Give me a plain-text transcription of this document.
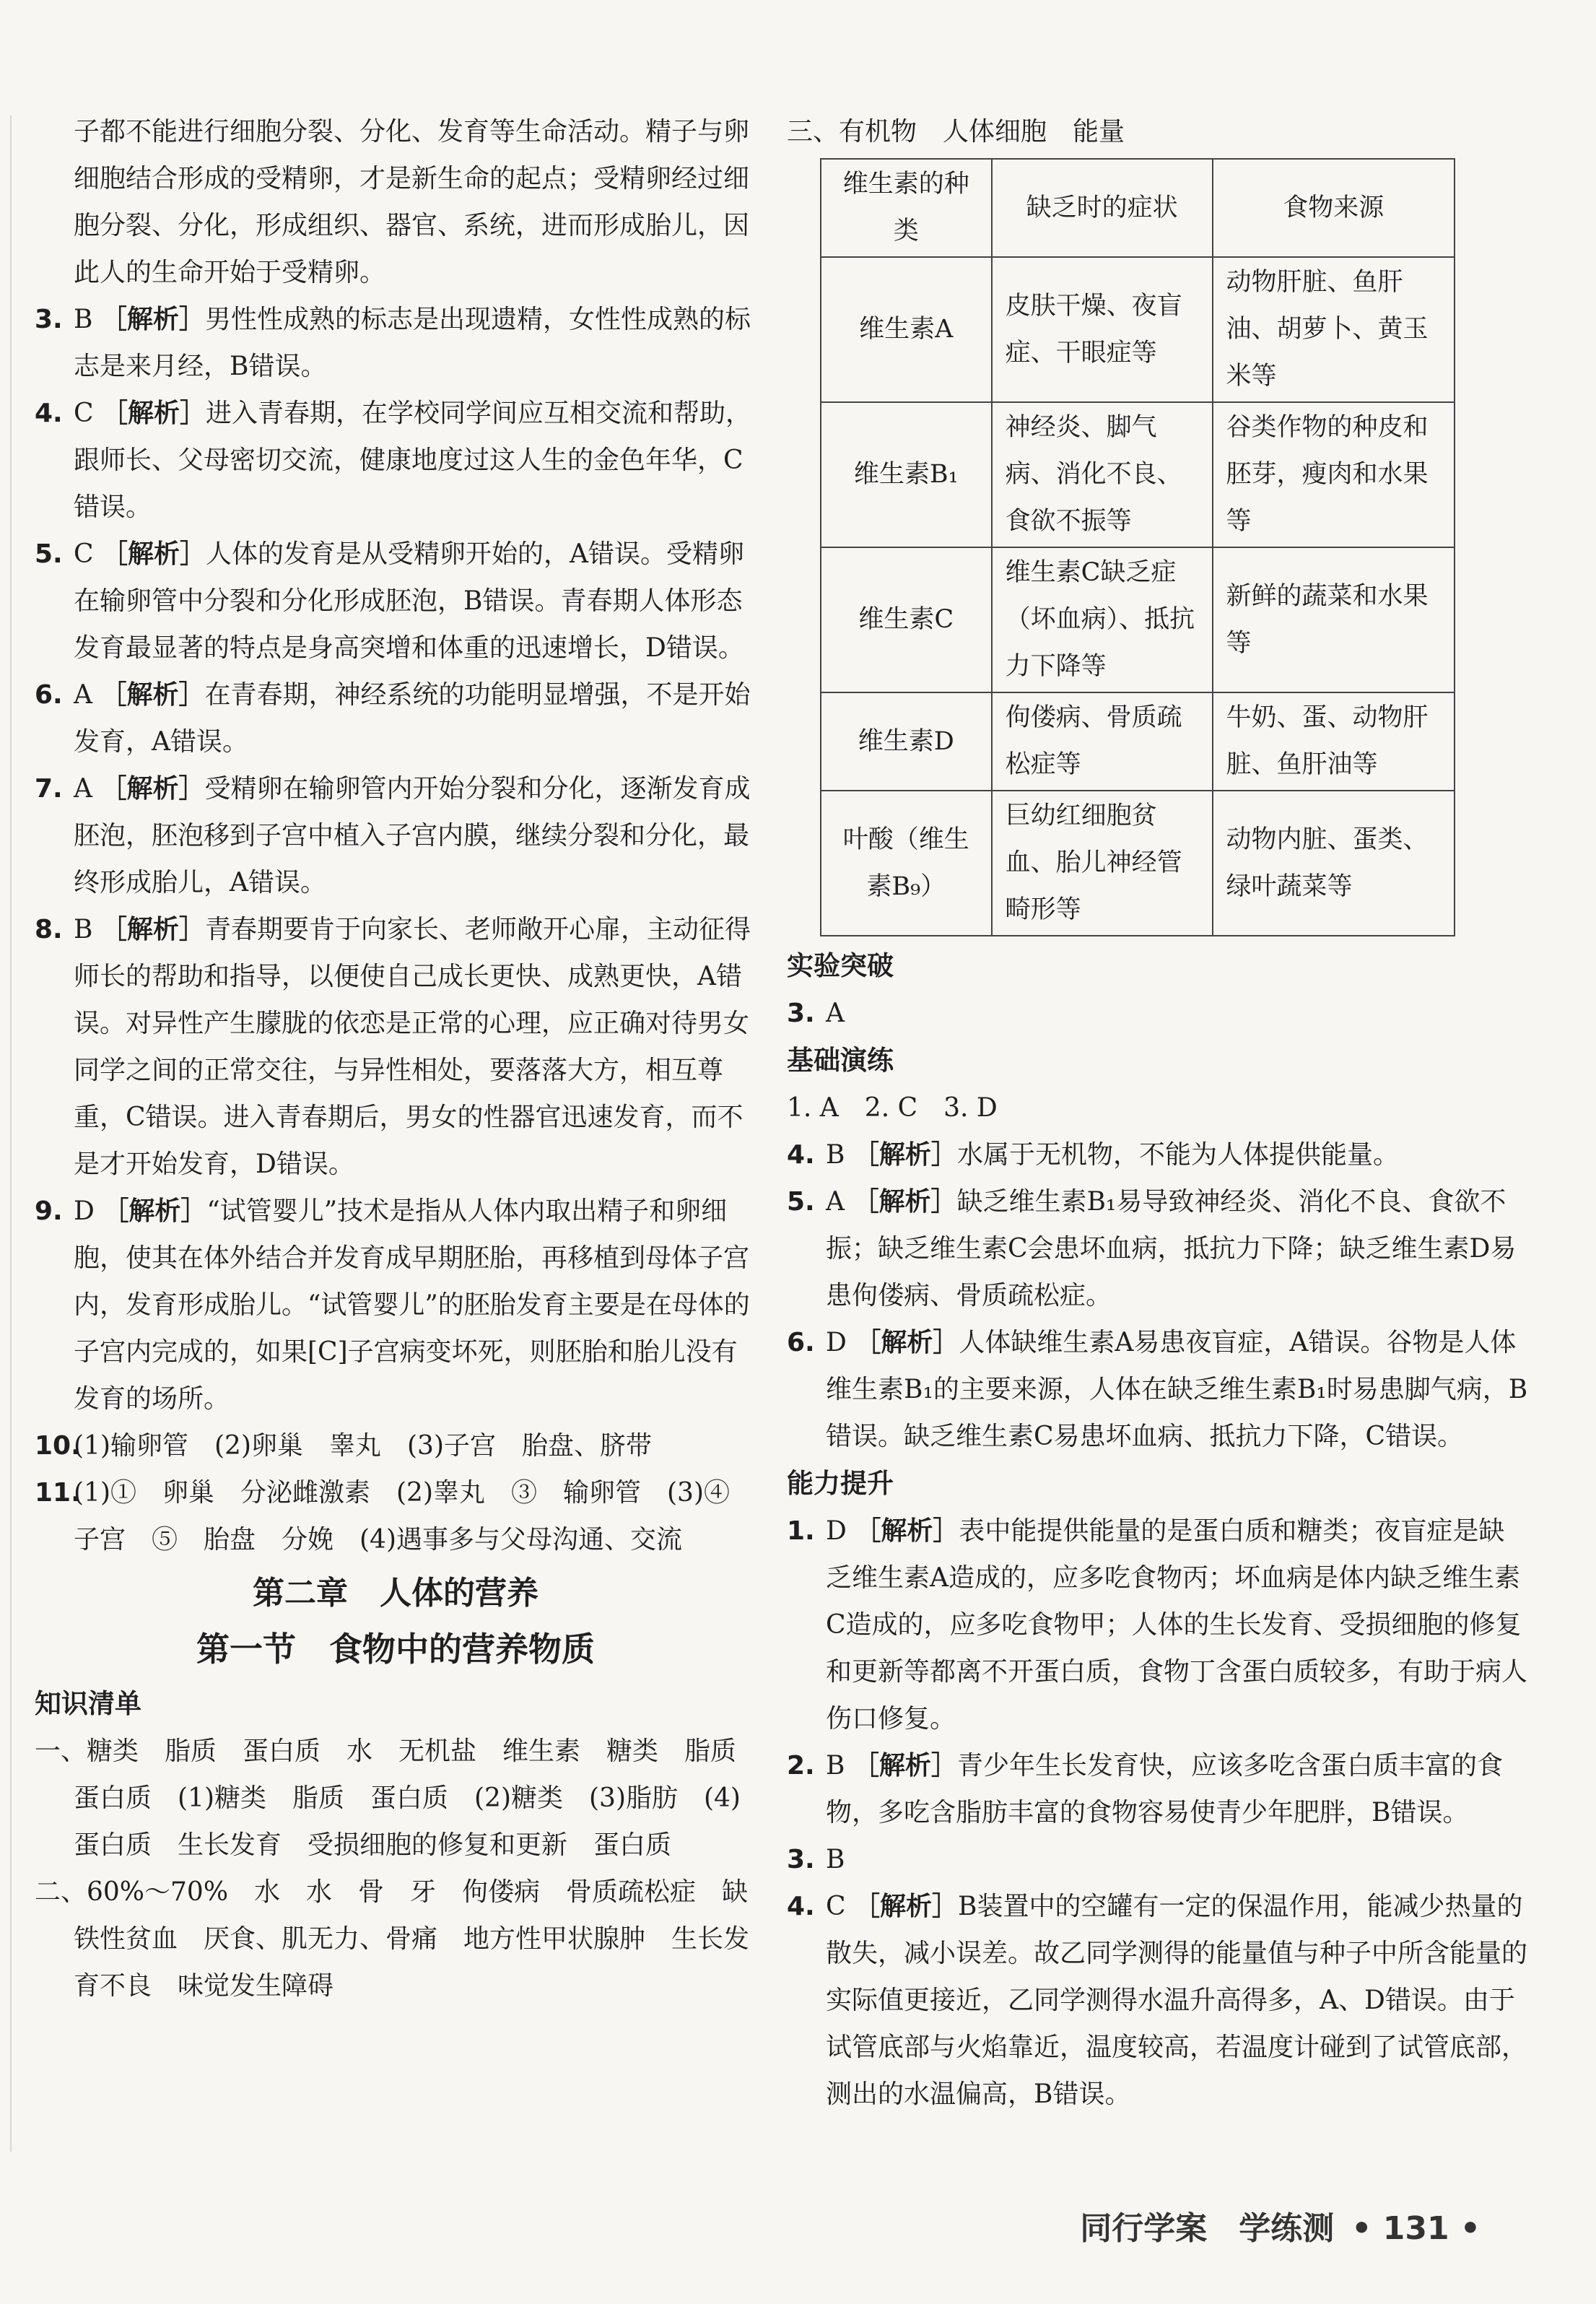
子都不能进行细胞分裂、分化、发育等生命活动。精子与卵细胞结合形成的受精卵，才是新生命的起点；受精卵经过细胞分裂、分化，形成组织、器官、系统，进而形成胎儿，因此人的生命开始于受精卵。

3. B ［解析］男性性成熟的标志是出现遗精，女性性成熟的标志是来月经，B错误。

4. C ［解析］进入青春期，在学校同学间应互相交流和帮助，跟师长、父母密切交流，健康地度过这人生的金色年华，C错误。

5. C ［解析］人体的发育是从受精卵开始的，A错误。受精卵在输卵管中分裂和分化形成胚泡，B错误。青春期人体形态发育最显著的特点是身高突增和体重的迅速增长，D错误。

6. A ［解析］在青春期，神经系统的功能明显增强，不是开始发育，A错误。

7. A ［解析］受精卵在输卵管内开始分裂和分化，逐渐发育成胚泡，胚泡移到子宫中植入子宫内膜，继续分裂和分化，最终形成胎儿，A错误。

8. B ［解析］青春期要肯于向家长、老师敞开心扉，主动征得师长的帮助和指导，以便使自己成长更快、成熟更快，A错误。对异性产生朦胧的依恋是正常的心理，应正确对待男女同学之间的正常交往，与异性相处，要落落大方，相互尊重，C错误。进入青春期后，男女的性器官迅速发育，而不是才开始发育，D错误。

9. D ［解析］“试管婴儿”技术是指从人体内取出精子和卵细胞，使其在体外结合并发育成早期胚胎，再移植到母体子宫内，发育形成胎儿。“试管婴儿”的胚胎发育主要是在母体的子宫内完成的，如果[C]子宫病变坏死，则胚胎和胎儿没有发育的场所。

10.
(1)输卵管　(2)卵巢　睾丸　(3)子宫　胎盘、脐带

11.
(1)①　卵巢　分泌雌激素　(2)睾丸　③　输卵管　(3)④　子宫　⑤　胎盘　分娩　(4)遇事多与父母沟通、交流

第二章　人体的营养

第一节　食物中的营养物质

知识清单

一、糖类　脂质　蛋白质　水　无机盐　维生素　糖类　脂质　蛋白质　(1)糖类　脂质　蛋白质　(2)糖类　(3)脂肪　(4)蛋白质　生长发育　受损细胞的修复和更新　蛋白质

二、60%～70%　水　水　骨　牙　佝偻病　骨质疏松症　缺铁性贫血　厌食、肌无力、骨痛　地方性甲状腺肿　生长发育不良　味觉发生障碍

三、有机物　人体细胞　能量

维生素的种类	缺乏时的症状	食物来源
维生素A	皮肤干燥、夜盲症、干眼症等	动物肝脏、鱼肝油、胡萝卜、黄玉米等
维生素B₁	神经炎、脚气病、消化不良、食欲不振等	谷类作物的种皮和胚芽，瘦肉和水果等
维生素C	维生素C缺乏症（坏血病）、抵抗力下降等	新鲜的蔬菜和水果等
维生素D	佝偻病、骨质疏松症等	牛奶、蛋、动物肝脏、鱼肝油等
叶酸（维生素B₉）	巨幼红细胞贫血、胎儿神经管畸形等	动物内脏、蛋类、绿叶蔬菜等

实验突破

3. A

基础演练

1. A　2. C　3. D

4. B ［解析］水属于无机物，不能为人体提供能量。

5. A ［解析］缺乏维生素B₁易导致神经炎、消化不良、食欲不振；缺乏维生素C会患坏血病，抵抗力下降；缺乏维生素D易患佝偻病、骨质疏松症。

6. D ［解析］人体缺维生素A易患夜盲症，A错误。谷物是人体维生素B₁的主要来源，人体在缺乏维生素B₁时易患脚气病，B错误。缺乏维生素C易患坏血病、抵抗力下降，C错误。

能力提升

1. D ［解析］表中能提供能量的是蛋白质和糖类；夜盲症是缺乏维生素A造成的，应多吃食物丙；坏血病是体内缺乏维生素C造成的，应多吃食物甲；人体的生长发育、受损细胞的修复和更新等都离不开蛋白质，食物丁含蛋白质较多，有助于病人伤口修复。

2. B ［解析］青少年生长发育快，应该多吃含蛋白质丰富的食物，多吃含脂肪丰富的食物容易使青少年肥胖，B错误。

3. B

4. C ［解析］B装置中的空罐有一定的保温作用，能减少热量的散失，减小误差。故乙同学测得的能量值与种子中所含能量的实际值更接近，乙同学测得水温升高得多，A、D错误。由于试管底部与火焰靠近，温度较高，若温度计碰到了试管底部，测出的水温偏高，B错误。

同行学案　学练测 • 131 •
